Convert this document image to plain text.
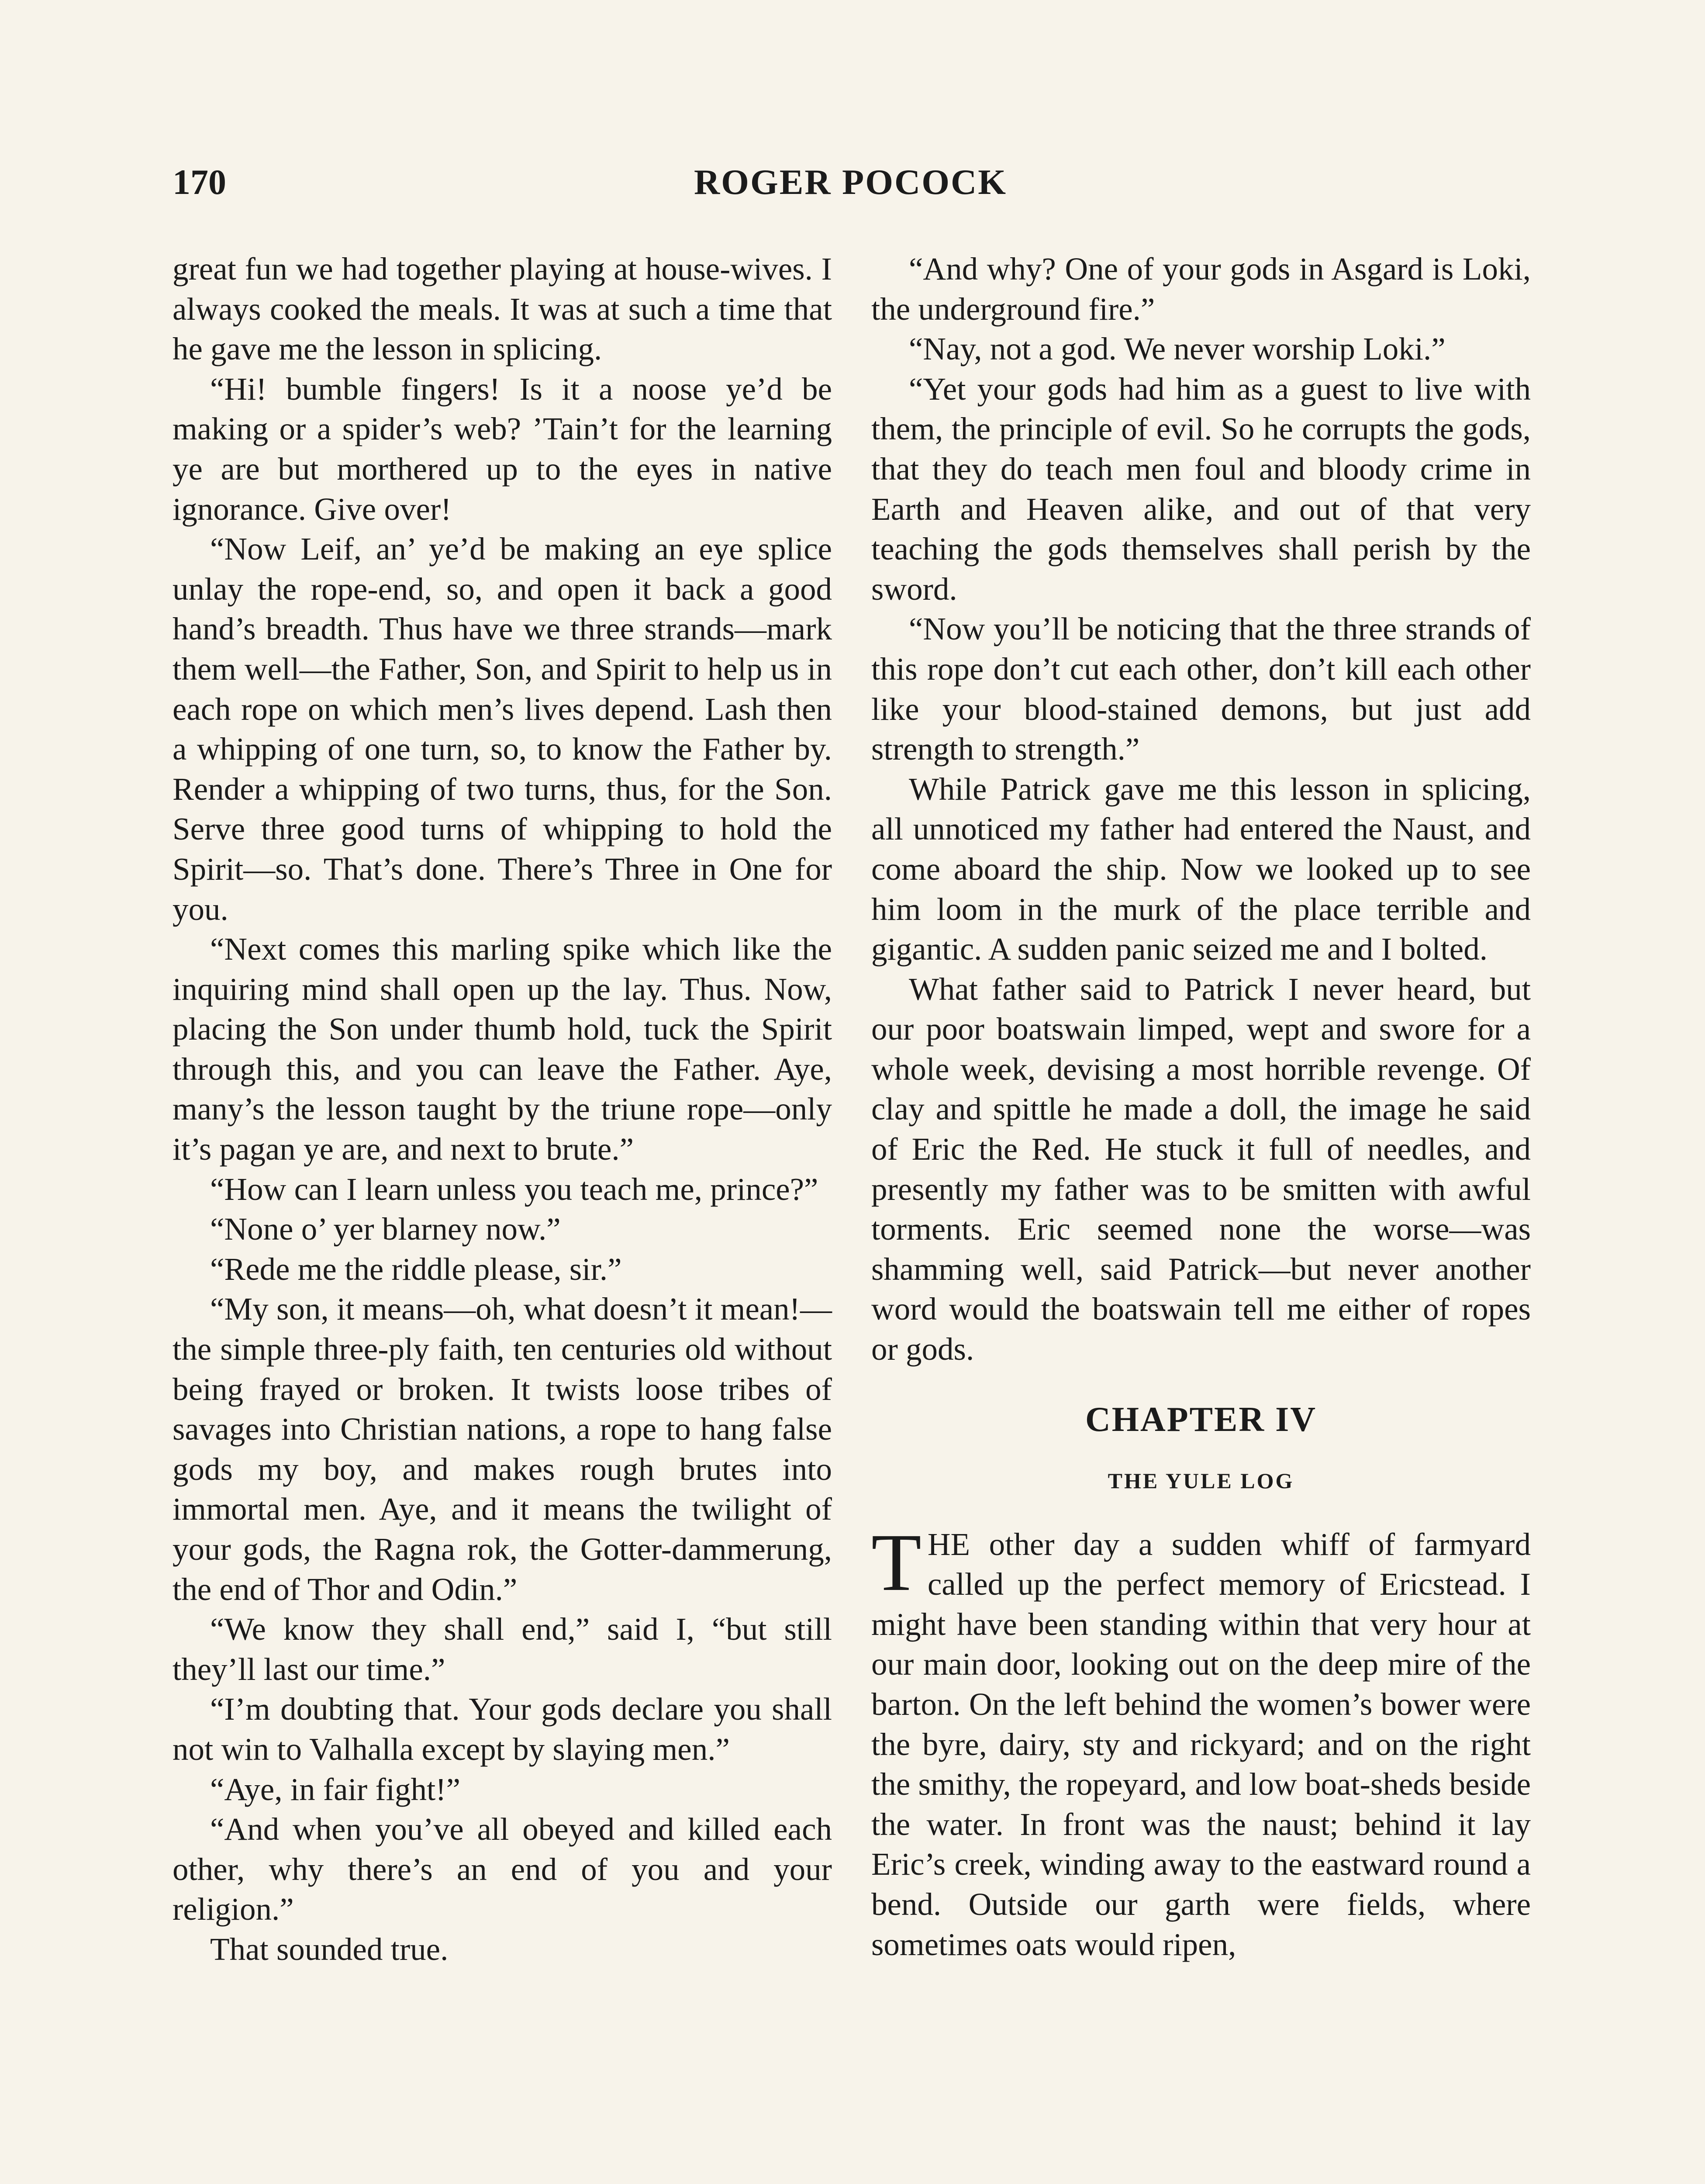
170	ROGER POCOCK

great fun we had together playing at house-wives. I always cooked the meals. It was at such a time that he gave me the lesson in splicing.

“Hi! bumble fingers! Is it a noose ye’d be making or a spider’s web? ’Tain’t for the learning ye are but morthered up to the eyes in native ignorance. Give over!

“Now Leif, an’ ye’d be making an eye splice unlay the rope-end, so, and open it back a good hand’s breadth. Thus have we three strands—mark them well—the Father, Son, and Spirit to help us in each rope on which men’s lives depend. Lash then a whipping of one turn, so, to know the Father by. Render a whipping of two turns, thus, for the Son. Serve three good turns of whipping to hold the Spirit—so. That’s done. There’s Three in One for you.

“Next comes this marling spike which like the inquiring mind shall open up the lay. Thus. Now, placing the Son under thumb hold, tuck the Spirit through this, and you can leave the Father. Aye, many’s the lesson taught by the triune rope—only it’s pagan ye are, and next to brute.”

“How can I learn unless you teach me, prince?”

“None o’ yer blarney now.”

“Rede me the riddle please, sir.”

“My son, it means—oh, what doesn’t it mean!—the simple three-ply faith, ten centuries old without being frayed or broken. It twists loose tribes of savages into Christian nations, a rope to hang false gods my boy, and makes rough brutes into immortal men. Aye, and it means the twilight of your gods, the Ragna rok, the Gotter-dammerung, the end of Thor and Odin.”

“We know they shall end,” said I, “but still they’ll last our time.”

“I’m doubting that. Your gods declare you shall not win to Valhalla except by slaying men.”

“Aye, in fair fight!”

“And when you’ve all obeyed and killed each other, why there’s an end of you and your religion.”

That sounded true.

“And why? One of your gods in Asgard is Loki, the underground fire.”

“Nay, not a god. We never worship Loki.”

“Yet your gods had him as a guest to live with them, the principle of evil. So he corrupts the gods, that they do teach men foul and bloody crime in Earth and Heaven alike, and out of that very teaching the gods themselves shall perish by the sword.

“Now you’ll be noticing that the three strands of this rope don’t cut each other, don’t kill each other like your blood-stained demons, but just add strength to strength.”

While Patrick gave me this lesson in splicing, all unnoticed my father had entered the Naust, and come aboard the ship. Now we looked up to see him loom in the murk of the place terrible and gigantic. A sudden panic seized me and I bolted.

What father said to Patrick I never heard, but our poor boatswain limped, wept and swore for a whole week, devising a most horrible revenge. Of clay and spittle he made a doll, the image he said of Eric the Red. He stuck it full of needles, and presently my father was to be smitten with awful torments. Eric seemed none the worse—was shamming well, said Patrick—but never another word would the boatswain tell me either of ropes or gods.

CHAPTER IV
THE YULE LOG

THE other day a sudden whiff of farmyard called up the perfect memory of Ericstead. I might have been standing within that very hour at our main door, looking out on the deep mire of the barton. On the left behind the women’s bower were the byre, dairy, sty and rickyard; and on the right the smithy, the ropeyard, and low boat-sheds beside the water. In front was the naust; behind it lay Eric’s creek, winding away to the eastward round a bend. Outside our garth were fields, where sometimes oats would ripen,
